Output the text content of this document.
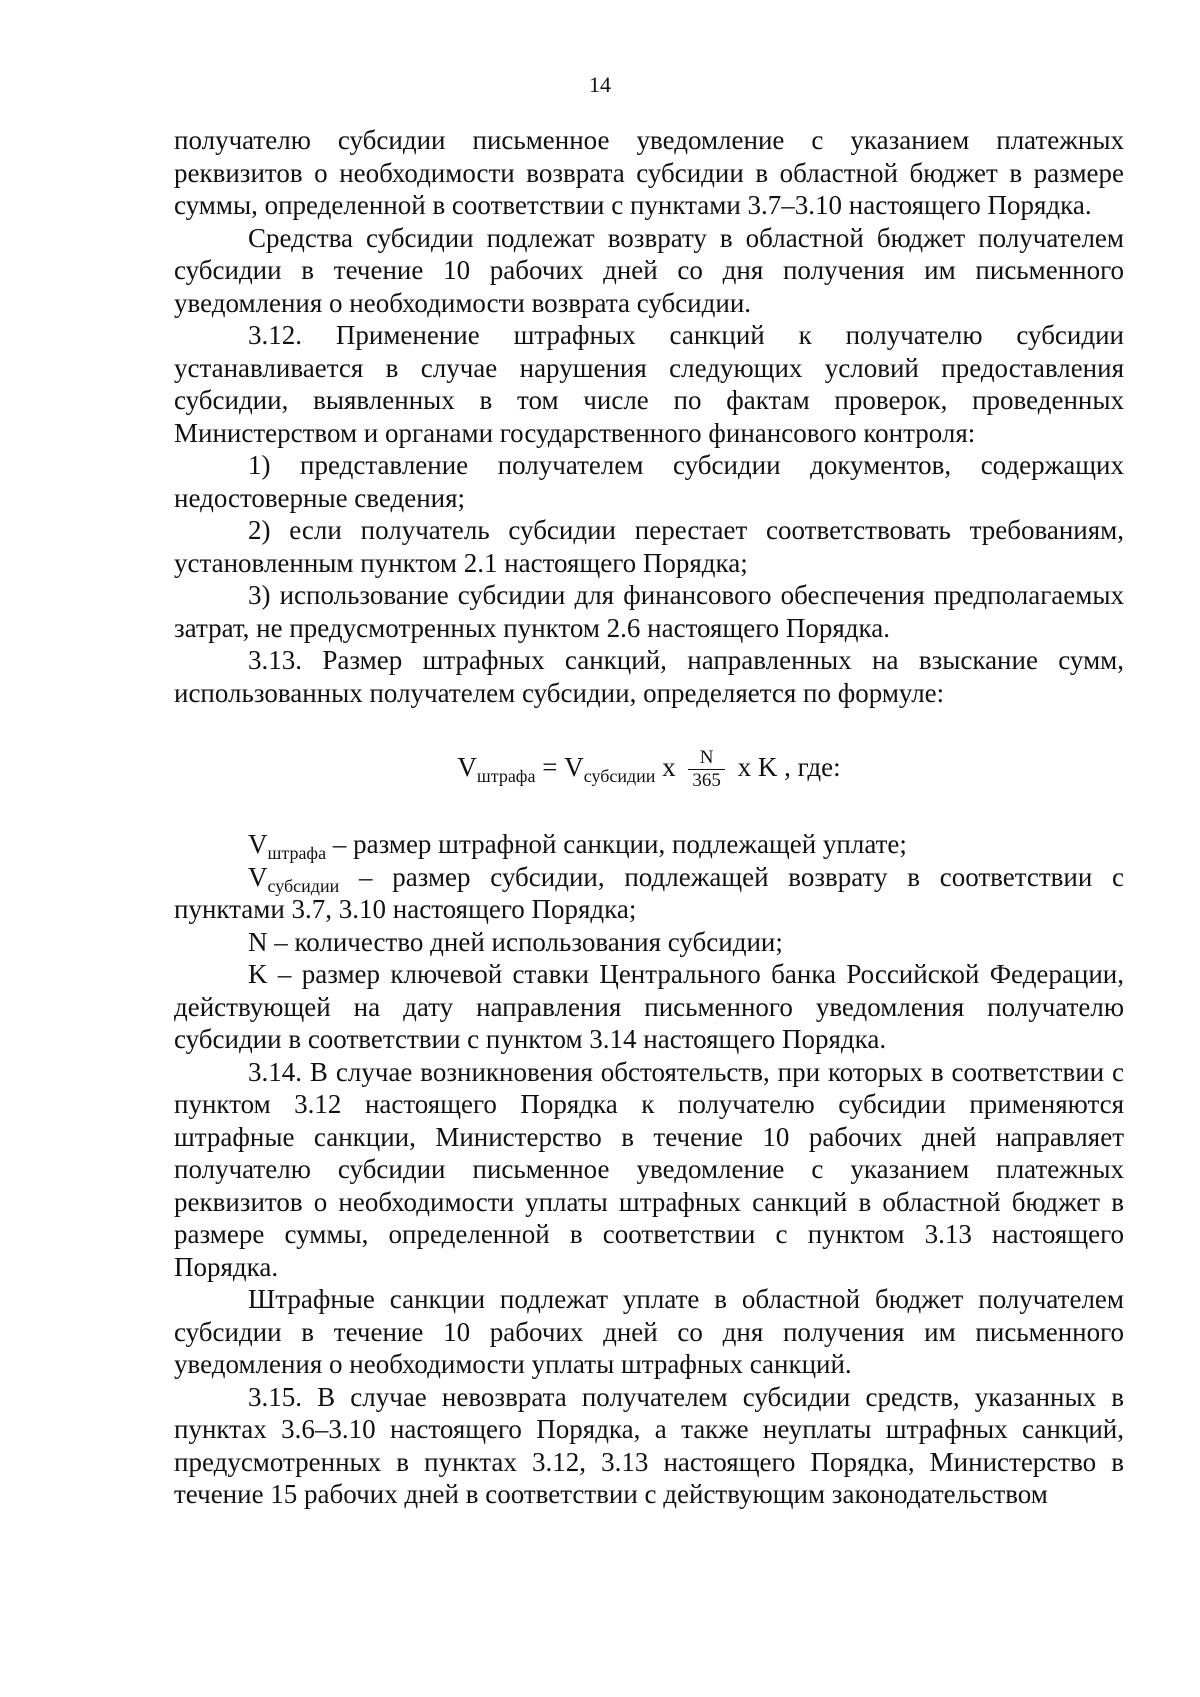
14

получателю субсидии письменное уведомление с указанием платежных реквизитов о необходимости возврата субсидии в областной бюджет в размере суммы, определенной в соответствии с пунктами 3.7–3.10 настоящего Порядка.

Средства субсидии подлежат возврату в областной бюджет получателем субсидии в течение 10 рабочих дней со дня получения им письменного уведомления о необходимости возврата субсидии.

3.12. Применение штрафных санкций к получателю субсидии устанавливается в случае нарушения следующих условий предоставления субсидии, выявленных в том числе по фактам проверок, проведенных Министерством и органами государственного финансового контроля:

1) представление получателем субсидии документов, содержащих недостоверные сведения;

2) если получатель субсидии перестает соответствовать требованиям, установленным пунктом 2.1 настоящего Порядка;

3) использование субсидии для финансового обеспечения предполагаемых затрат, не предусмотренных пунктом 2.6 настоящего Порядка.

3.13. Размер штрафных санкций, направленных на взыскание сумм, использованных получателем субсидии, определяется по формуле:

$V_{штрафа} = V_{субсидии}$ х $\frac{N}{365}$ х K , где:

$V_{штрафа}$ – размер штрафной санкции, подлежащей уплате;

$V_{субсидии}$ – размер субсидии, подлежащей возврату в соответствии с пунктами 3.7, 3.10 настоящего Порядка;

N – количество дней использования субсидии;

K – размер ключевой ставки Центрального банка Российской Федерации, действующей на дату направления письменного уведомления получателю субсидии в соответствии с пунктом 3.14 настоящего Порядка.

3.14. В случае возникновения обстоятельств, при которых в соответствии с пунктом 3.12 настоящего Порядка к получателю субсидии применяются штрафные санкции, Министерство в течение 10 рабочих дней направляет получателю субсидии письменное уведомление с указанием платежных реквизитов о необходимости уплаты штрафных санкций в областной бюджет в размере суммы, определенной в соответствии с пунктом 3.13 настоящего Порядка.

Штрафные санкции подлежат уплате в областной бюджет получателем субсидии в течение 10 рабочих дней со дня получения им письменного уведомления о необходимости уплаты штрафных санкций.

3.15. В случае невозврата получателем субсидии средств, указанных в пунктах 3.6–3.10 настоящего Порядка, а также неуплаты штрафных санкций, предусмотренных в пунктах 3.12, 3.13 настоящего Порядка, Министерство в течение 15 рабочих дней в соответствии с действующим законодательством
